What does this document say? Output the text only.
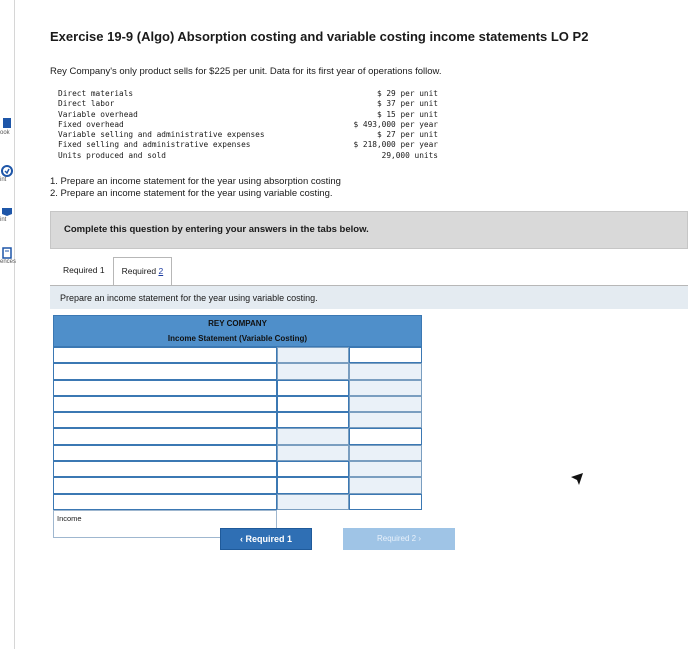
ook
int
int
ences
Exercise 19-9 (Algo) Absorption costing and variable costing income statements LO P2
Rey Company's only product sells for $225 per unit. Data for its first year of operations follow.
Direct materials	$ 29 per unit
Direct labor	$ 37 per unit
Variable overhead	$ 15 per unit
Fixed overhead	$ 493,000 per year
Variable selling and administrative expenses	$ 27 per unit
Fixed selling and administrative expenses	$ 218,000 per year
Units produced and sold	29,000 units
1. Prepare an income statement for the year using absorption costing
2. Prepare an income statement for the year using variable costing.
Complete this question by entering your answers in the tabs below.
Required 1	Required 2
Prepare an income statement for the year using variable costing.
REY COMPANY
Income Statement (Variable Costing)
Income
‹ Required 1	Required 2 ›
